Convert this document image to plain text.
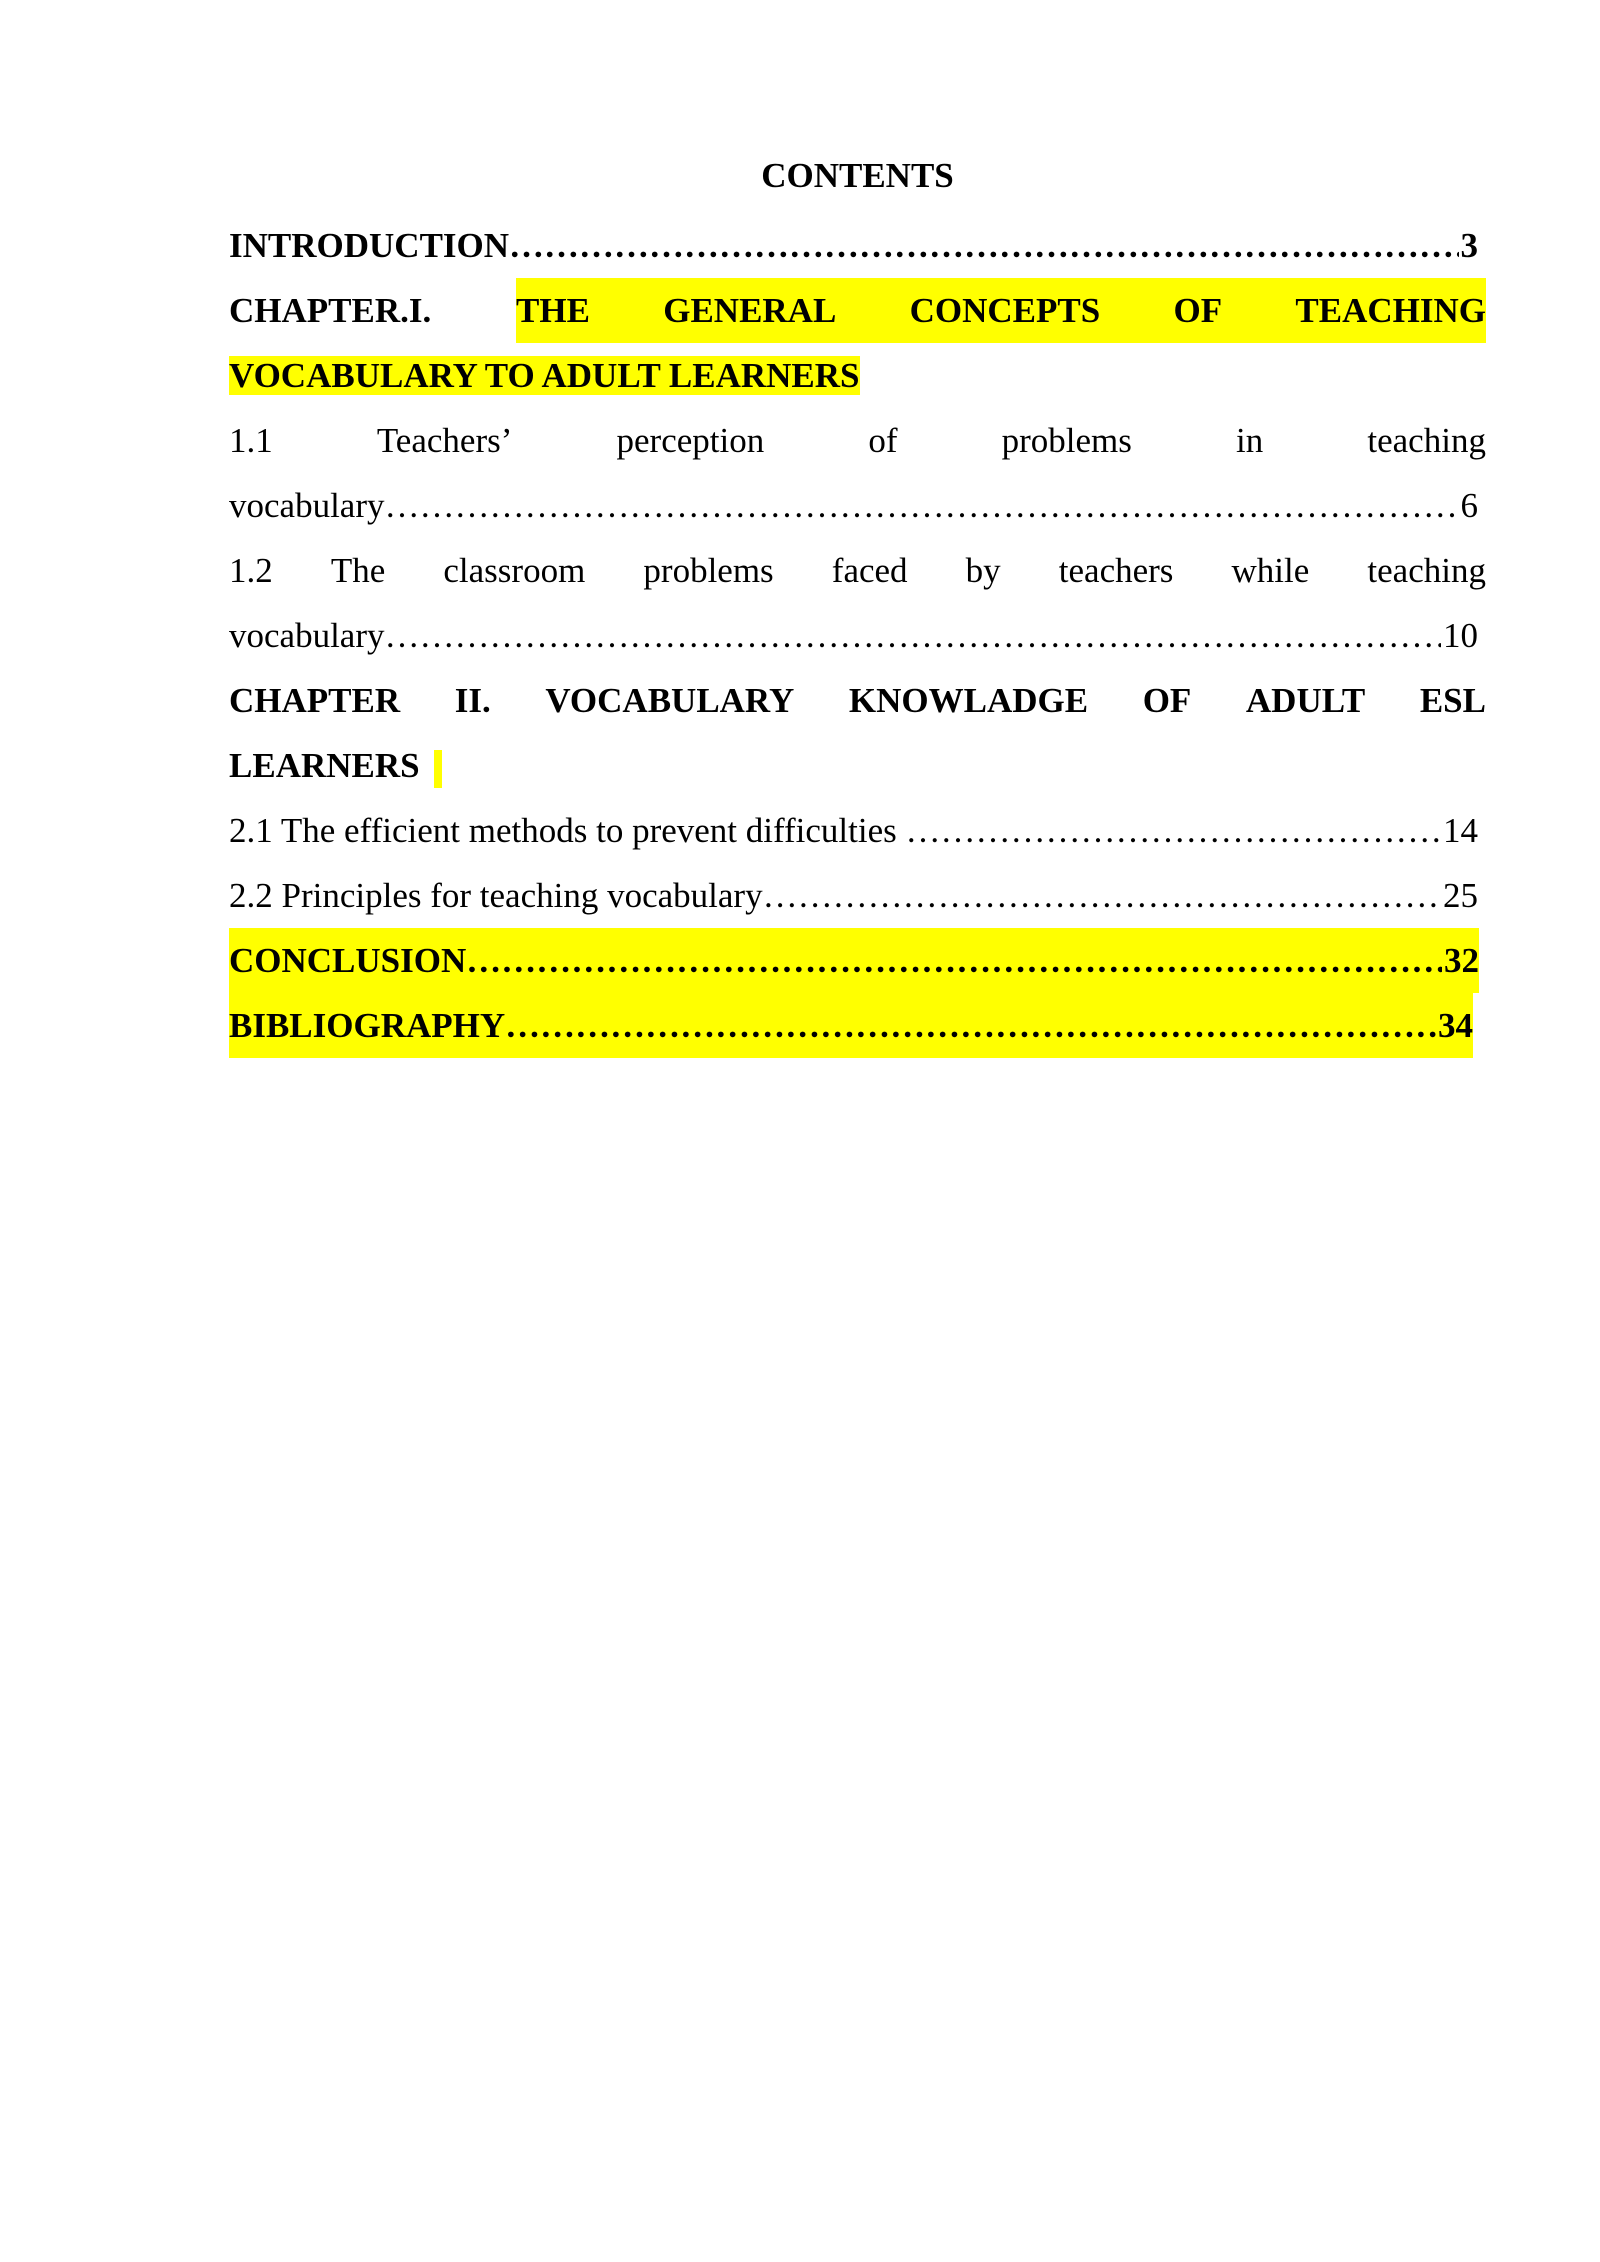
CONTENTS
INTRODUCTION …………………………………………………………………………………………………………………………………………………………………………………………………………………………………………	3
CHAPTER.I. THE GENERAL CONCEPTS OF TEACHING
VOCABULARY TO ADULT LEARNERS
1.1	Teachers’	perception	of	problems	in	teaching
vocabulary …………………………………………………………………………………………………………………………………………………………………………………………………………………………………………	6
1.2 The classroom problems faced by teachers while teaching
vocabulary …………………………………………………………………………………………………………………………………………………………………………………………………………………………………………	10
CHAPTER II. VOCABULARY KNOWLADGE OF ADULT ESL
LEARNERS
2.1 The efficient methods to prevent difficulties …………………………………………………………………………………………………………………………………………………………………………………………………………………………………………	14
2.2 Principles for teaching vocabulary …………………………………………………………………………………………………………………………………………………………………………………………………………………………………………	25
CONCLUSION …………………………………………………………………………………………………………………………………………………………………………………………………………………………………………	32
BIBLIOGRAPHY …………………………………………………………………………………………………………………………………………………………………………………………………………………………………………	34
